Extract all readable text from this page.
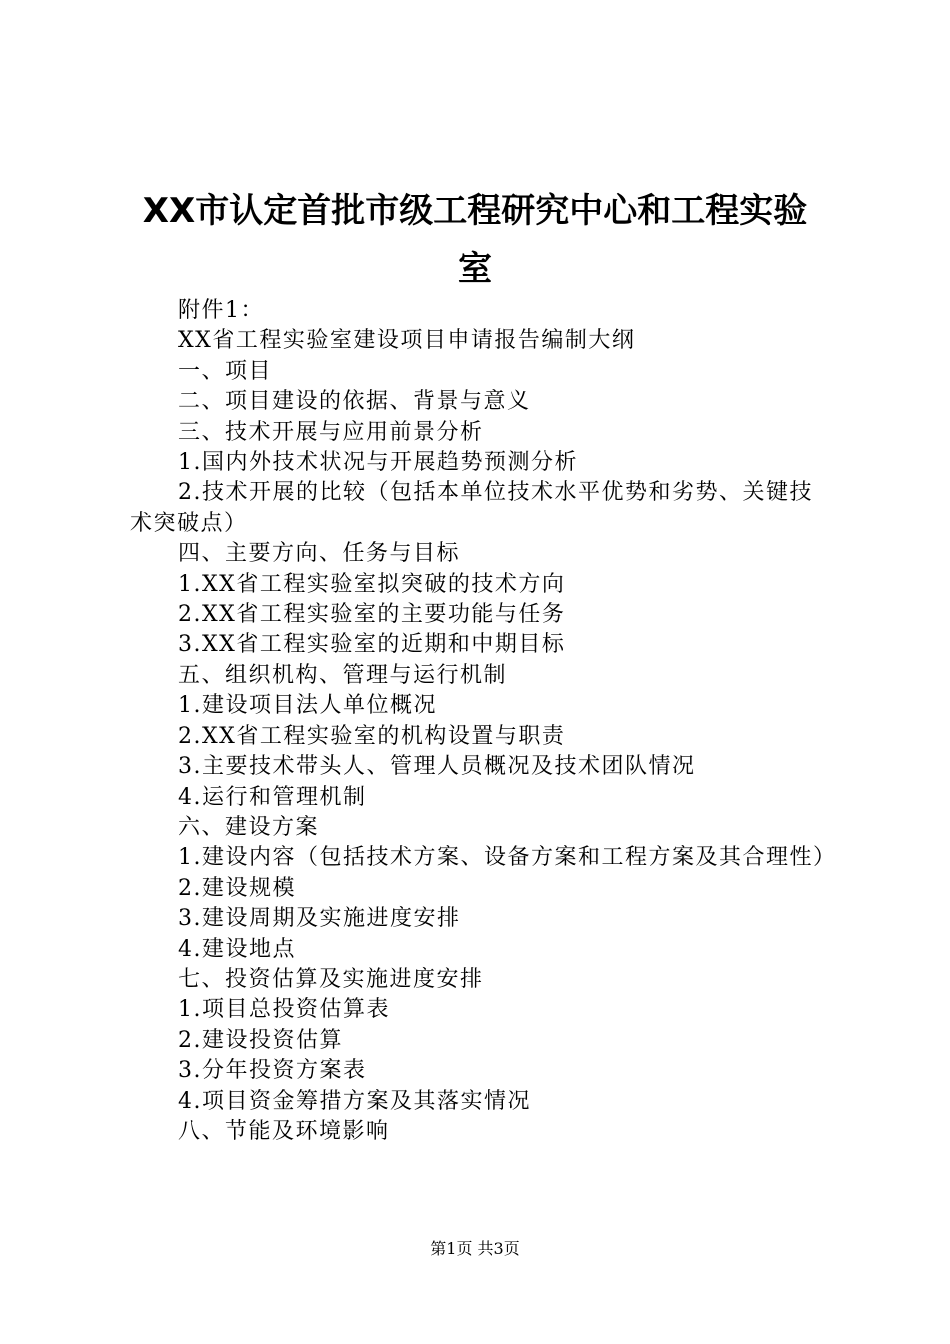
XX市认定首批市级工程研究中心和工程实验
室

附件1：

XX省工程实验室建设项目申请报告编制大纲

一、项目

二、项目建设的依据、背景与意义

三、技术开展与应用前景分析

1.国内外技术状况与开展趋势预测分析

2.技术开展的比较（包括本单位技术水平优势和劣势、关键技术突破点）

四、主要方向、任务与目标

1.XX省工程实验室拟突破的技术方向

2.XX省工程实验室的主要功能与任务

3.XX省工程实验室的近期和中期目标

五、组织机构、管理与运行机制

1.建设项目法人单位概况

2.XX省工程实验室的机构设置与职责

3.主要技术带头人、管理人员概况及技术团队情况

4.运行和管理机制

六、建设方案

1.建设内容（包括技术方案、设备方案和工程方案及其合理性）

2.建设规模

3.建设周期及实施进度安排

4.建设地点

七、投资估算及实施进度安排

1.项目总投资估算表

2.建设投资估算

3.分年投资方案表

4.项目资金筹措方案及其落实情况

八、节能及环境影响

第1页 共3页
